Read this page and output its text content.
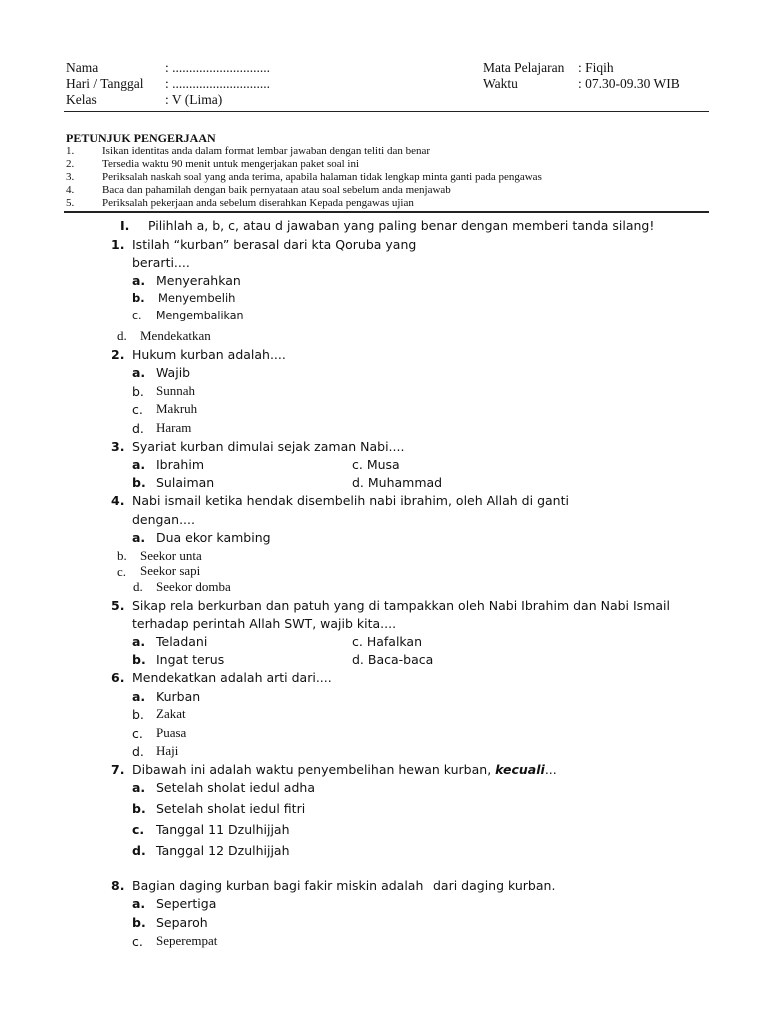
Nama	: .............................
Hari / Tanggal : .............................
Kelas	: V (Lima)
Mata Pelajaran : Fiqih
Waktu	: 07.30-09.30 WIB
PETUNJUK PENGERJAAN
1.	Isikan identitas anda dalam format lembar jawaban dengan teliti dan benar
2.	Tersedia waktu 90 menit untuk mengerjakan paket soal ini
3.	Periksalah naskah soal yang anda terima, apabila halaman tidak lengkap minta ganti pada pengawas
4.	Baca dan pahamilah dengan baik pernyataan atau soal sebelum anda menjawab
5.	Periksalah pekerjaan anda sebelum diserahkan Kepada pengawas ujian
I. Pilihlah a, b, c, atau d jawaban yang paling benar dengan memberi tanda silang!
1. Istilah “kurban” berasal dari kta Qoruba yang
berarti....
a. Menyerahkan
b. Menyembelih
c. Mengembalikan
d. Mendekatkan
2. Hukum kurban adalah....
a. Wajib
b. Sunnah
c. Makruh
d. Haram
3. Syariat kurban dimulai sejak zaman Nabi....
a. Ibrahim	c. Musa
b. Sulaiman	d. Muhammad
4. Nabi ismail ketika hendak disembelih nabi ibrahim, oleh Allah di ganti
dengan....
a. Dua ekor kambing
b. Seekor unta
c. Seekor sapi
d. Seekor domba
5. Sikap rela berkurban dan patuh yang di tampakkan oleh Nabi Ibrahim dan Nabi Ismail
terhadap perintah Allah SWT, wajib kita....
a. Teladani	c. Hafalkan
b. Ingat terus	d. Baca-baca
6. Mendekatkan adalah arti dari....
a. Kurban
b. Zakat
c. Puasa
d. Haji
7. Dibawah ini adalah waktu penyembelihan hewan kurban, kecuali...
a. Setelah sholat iedul adha
b. Setelah sholat iedul fitri
c. Tanggal 11 Dzulhijjah
d. Tanggal 12 Dzulhijjah
8. Bagian daging kurban bagi fakir miskin adalah dari daging kurban.
a. Sepertiga
b. Separoh
c. Seperempat
